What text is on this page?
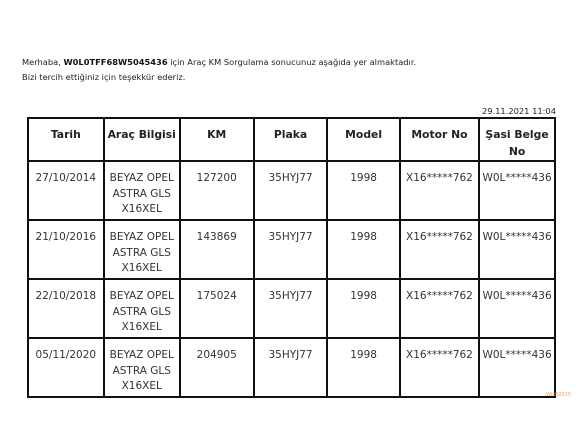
Merhaba, W0L0TFF68W5045436 için Araç KM Sorgulama sonucunuz aşağıda yer almaktadır.
Bizi tercih ettiğiniz için teşekkür ederiz.
29.11.2021 11:04
Tarih	Araç Bilgisi	KM	Plaka	Model	Motor No	Şasi Belge No
27/10/2014	BEYAZ OPEL
ASTRA GLS
X16XEL	127200	35HYJ77	1998	X16*****762	W0L*****436
21/10/2016	BEYAZ OPEL
ASTRA GLS
X16XEL	143869	35HYJ77	1998	X16*****762	W0L*****436
22/10/2018	BEYAZ OPEL
ASTRA GLS
X16XEL	175024	35HYJ77	1998	X16*****762	W0L*****436
05/11/2020	BEYAZ OPEL
ASTRA GLS
X16XEL	204905	35HYJ77	1998	X16*****762	W0L*****436
Wix82025
